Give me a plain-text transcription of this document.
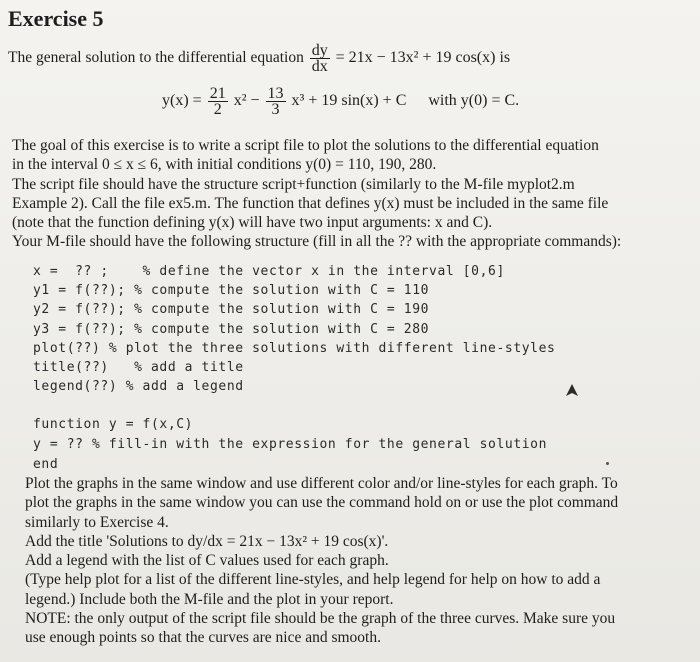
Exercise 5
The general solution to the differential equation $\frac{dy}{dx} = 21x - 13x^2 + 19$ cos(x) is
$y(x) = \frac{21}{2} x^2 - \frac{13}{3} x^3 + 19$ sin(x) + C with y(0) = C.
The goal of this exercise is to write a script file to plot the solutions to the differential equation
in the interval 0 ≤ x ≤ 6, with initial conditions y(0) = 110, 190, 280.
The script file should have the structure script+function (similarly to the M-file myplot2.m
Example 2). Call the file ex5.m. The function that defines y(x) must be included in the same file
(note that the function defining y(x) will have two input arguments: x and C).
Your M-file should have the following structure (fill in all the ?? with the appropriate commands):
x =  ?? ;    % define the vector x in the interval [0,6]
y1 = f(??); % compute the solution with C = 110
y2 = f(??); % compute the solution with C = 190
y3 = f(??); % compute the solution with C = 280
plot(??) % plot the three solutions with different line-styles
title(??)   % add a title
legend(??) % add a legend
function y = f(x,C)
y = ?? % fill-in with the expression for the general solution
end
Plot the graphs in the same window and use different color and/or line-styles for each graph. To
plot the graphs in the same window you can use the command hold on or use the plot command
similarly to Exercise 4.
Add the title 'Solutions to dy/dx = 21x − 13x² + 19 cos(x)'.
Add a legend with the list of C values used for each graph.
(Type help plot for a list of the different line-styles, and help legend for help on how to add a
legend.) Include both the M-file and the plot in your report.
NOTE: the only output of the script file should be the graph of the three curves. Make sure you
use enough points so that the curves are nice and smooth.
